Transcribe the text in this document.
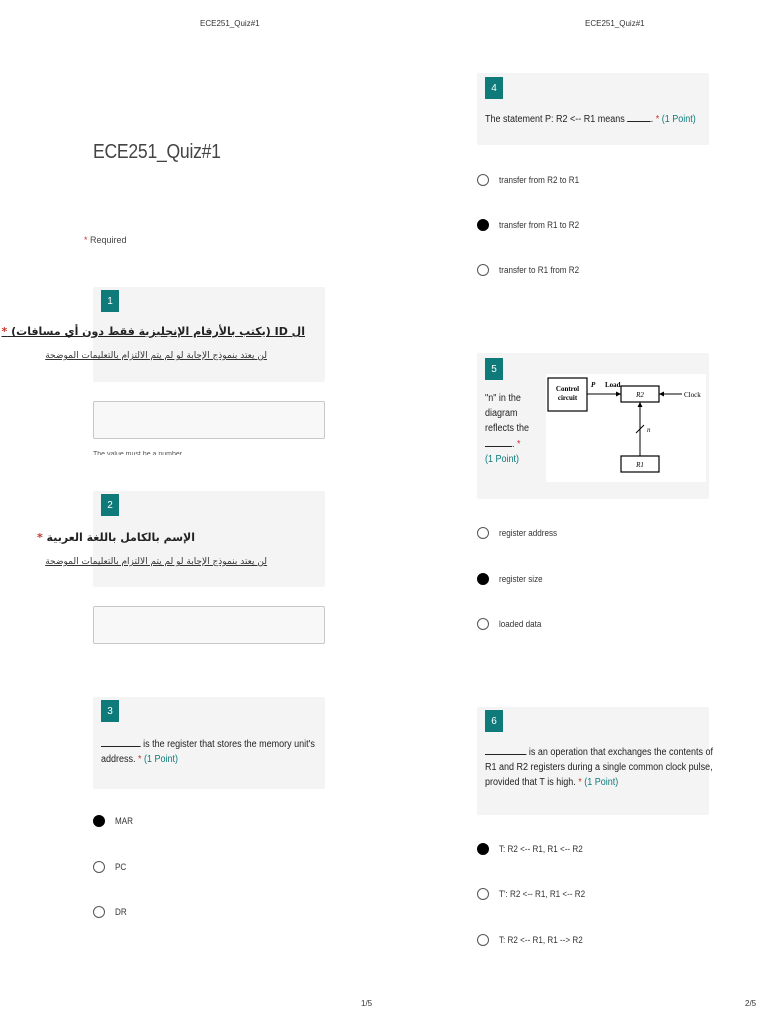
ECE251_Quiz#1	ECE251_Quiz#1
ECE251_Quiz#1
* Required
1
ال ID (يكتب بالأرقام الإنجليزية فقط دون أي مسافات) *
لن يعتد بنموذج الإجابة لو لم يتم الالتزام بالتعليمات الموضحة
The value must be a number
2
الإسم بالكامل باللغة العربية *
لن يعتد بنموذج الإجابة لو لم يتم الالتزام بالتعليمات الموضحة
3
is the register that stores the memory unit's
address. * (1 Point)
MAR
PC
DR
4
The statement P: R2 <-- R1 means . * (1 Point)
transfer from R2 to R1
transfer from R1 to R2
transfer to R1 from R2
5
"n" in the
diagram
reflects the
. *
(1 Point)
Control
circuit
P Load
R2	Clock
n
R1
register address
register size
loaded data
6
is an operation that exchanges the contents of
R1 and R2 registers during a single common clock pulse,
provided that T is high. * (1 Point)
T: R2 <-- R1, R1 <-- R2
T': R2 <-- R1, R1 <-- R2
T: R2 <-- R1, R1 --> R2
1/5	2/5
